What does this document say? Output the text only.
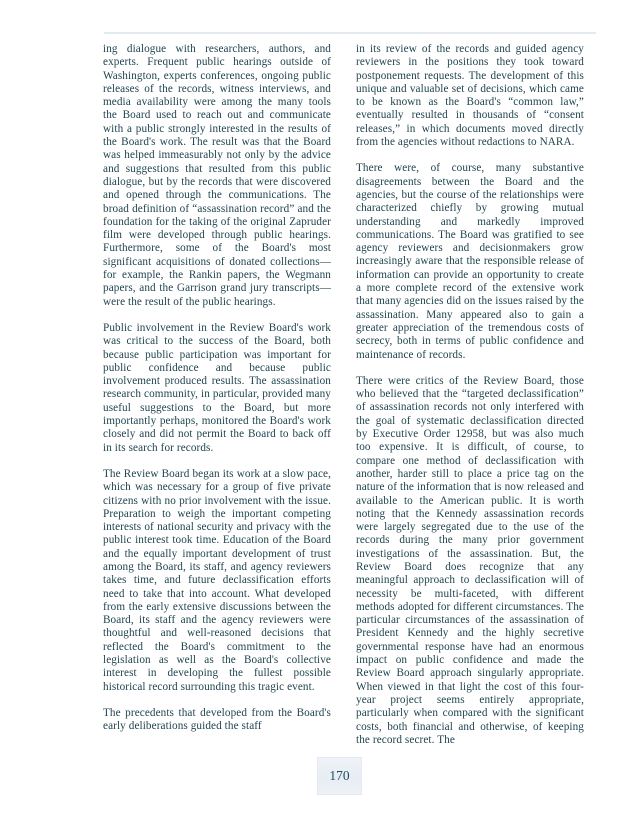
ing dialogue with researchers, authors, and experts. Frequent public hearings outside of Washington, experts conferences, ongoing public releases of the records, witness interviews, and media availability were among the many tools the Board used to reach out and communicate with a public strongly interested in the results of the Board's work. The result was that the Board was helped immeasurably not only by the advice and suggestions that resulted from this public dialogue, but by the records that were discovered and opened through the communications. The broad definition of “assassination record” and the foundation for the taking of the original Zapruder film were developed through public hearings. Furthermore, some of the Board's most significant acquisitions of donated collections—for example, the Rankin papers, the Wegmann papers, and the Garrison grand jury transcripts—were the result of the public hearings.

Public involvement in the Review Board's work was critical to the success of the Board, both because public participation was important for public confidence and because public involvement produced results. The assassination research community, in particular, provided many useful suggestions to the Board, but more importantly perhaps, monitored the Board's work closely and did not permit the Board to back off in its search for records.

The Review Board began its work at a slow pace, which was necessary for a group of five private citizens with no prior involvement with the issue. Preparation to weigh the important competing interests of national security and privacy with the public interest took time. Education of the Board and the equally important development of trust among the Board, its staff, and agency reviewers takes time, and future declassification efforts need to take that into account. What developed from the early extensive discussions between the Board, its staff and the agency reviewers were thoughtful and well-reasoned decisions that reflected the Board's commitment to the legislation as well as the Board's collective interest in developing the fullest possible historical record surrounding this tragic event.

The precedents that developed from the Board's early deliberations guided the staff

in its review of the records and guided agency reviewers in the positions they took toward postponement requests. The development of this unique and valuable set of decisions, which came to be known as the Board's “common law,” eventually resulted in thousands of “consent releases,” in which documents moved directly from the agencies without redactions to NARA.

There were, of course, many substantive disagreements between the Board and the agencies, but the course of the relationships were characterized chiefly by growing mutual understanding and markedly improved communications. The Board was gratified to see agency reviewers and decisionmakers grow increasingly aware that the responsible release of information can provide an opportunity to create a more complete record of the extensive work that many agencies did on the issues raised by the assassination. Many appeared also to gain a greater appreciation of the tremendous costs of secrecy, both in terms of public confidence and maintenance of records.

There were critics of the Review Board, those who believed that the “targeted declassification” of assassination records not only interfered with the goal of systematic declassification directed by Executive Order 12958, but was also much too expensive. It is difficult, of course, to compare one method of declassification with another, harder still to place a price tag on the nature of the information that is now released and available to the American public. It is worth noting that the Kennedy assassination records were largely segregated due to the use of the records during the many prior government investigations of the assassination. But, the Review Board does recognize that any meaningful approach to declassification will of necessity be multi-faceted, with different methods adopted for different circumstances. The particular circumstances of the assassination of President Kennedy and the highly secretive governmental response have had an enormous impact on public confidence and made the Review Board approach singularly appropriate. When viewed in that light the cost of this four-year project seems entirely appropriate, particularly when compared with the significant costs, both financial and otherwise, of keeping the record secret. The

170
